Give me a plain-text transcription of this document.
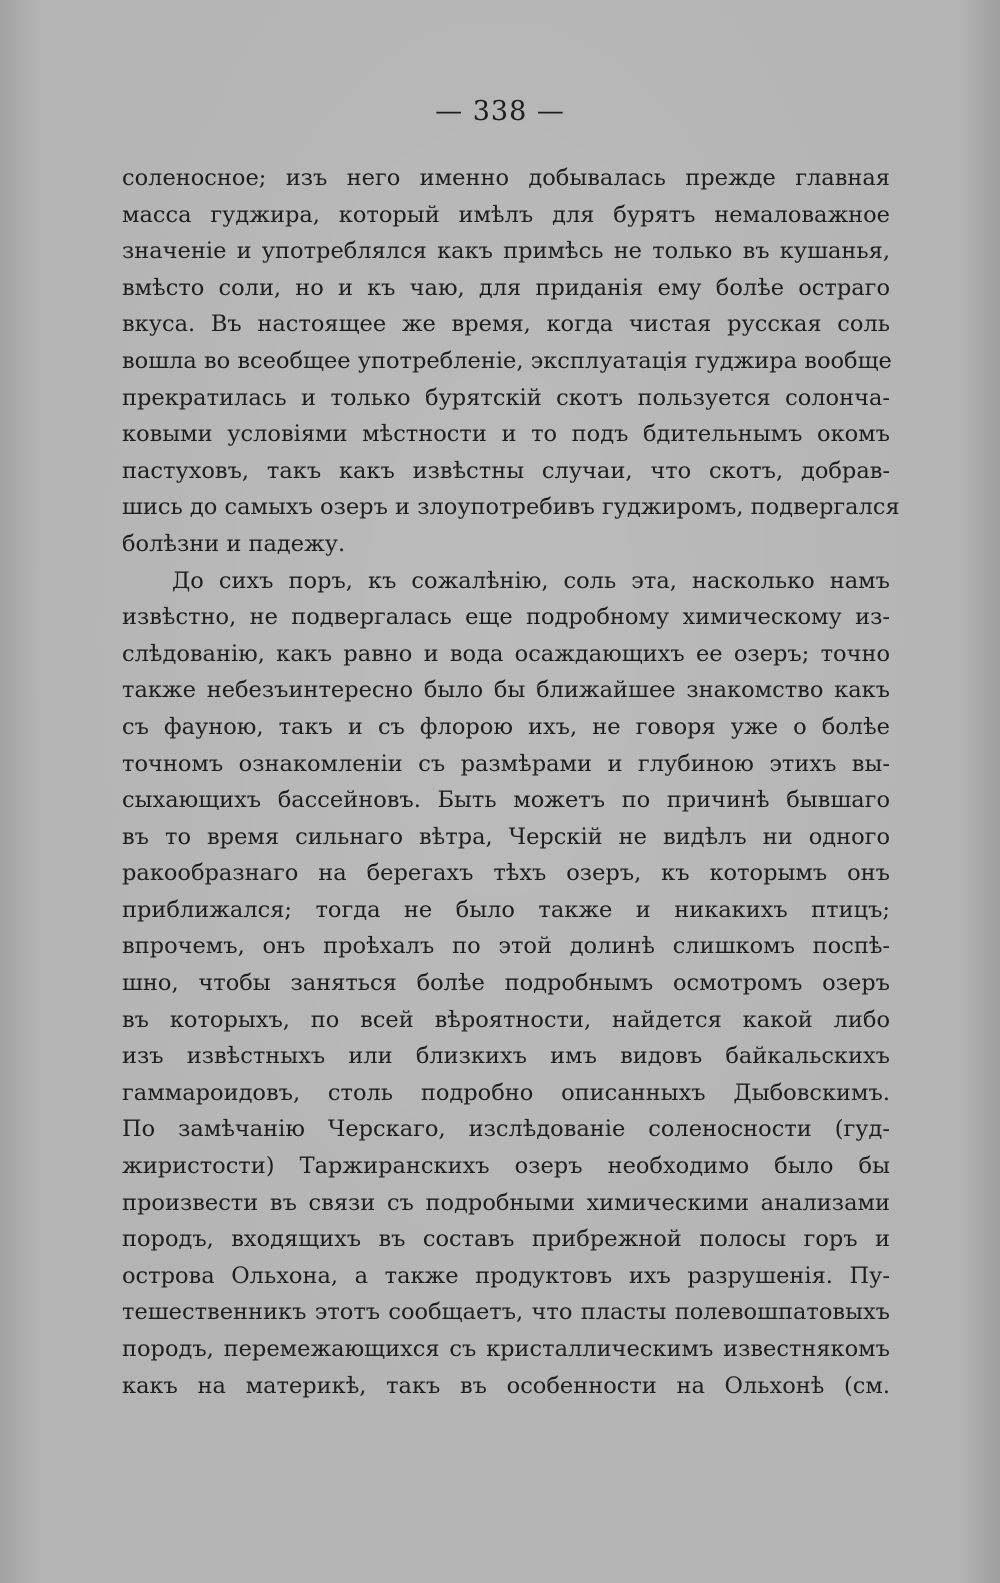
— 338 —
соленосное; изъ него именно добывалась прежде главная
масса гуджира, который имѣлъ для бурятъ немаловажное
значеніе и употреблялся какъ примѣсь не только въ кушанья,
вмѣсто соли, но и къ чаю, для приданія ему болѣе остраго
вкуса. Въ настоящее же время, когда чистая русская соль
вошла во всеобщее употребленіе, эксплуатація гуджира вообще
прекратилась и только бурятскій скотъ пользуется солонча-
ковыми условіями мѣстности и то подъ бдительнымъ окомъ
пастуховъ, такъ какъ извѣстны случаи, что скотъ, добрав-
шись до самыхъ озеръ и злоупотребивъ гуджиромъ, подвергался
болѣзни и падежу.
До сихъ поръ, къ сожалѣнію, соль эта, насколько намъ
извѣстно, не подвергалась еще подробному химическому из-
слѣдованію, какъ равно и вода осаждающихъ ее озеръ; точно
также небезъинтересно было бы ближайшее знакомство какъ
съ фауною, такъ и съ флорою ихъ, не говоря уже о болѣе
точномъ ознакомленіи съ размѣрами и глубиною этихъ вы-
сыхающихъ бассейновъ. Быть можетъ по причинѣ бывшаго
въ то время сильнаго вѣтра, Черскій не видѣлъ ни одного
ракообразнаго на берегахъ тѣхъ озеръ, къ которымъ онъ
приближался; тогда не было также и никакихъ птицъ;
впрочемъ, онъ проѣхалъ по этой долинѣ слишкомъ поспѣ-
шно, чтобы заняться болѣе подробнымъ осмотромъ озеръ
въ которыхъ, по всей вѣроятности, найдется какой либо
изъ извѣстныхъ или близкихъ имъ видовъ байкальскихъ
гаммароидовъ, столь подробно описанныхъ Дыбовскимъ.
По замѣчанію Черскаго, изслѣдованіе соленосности (гуд-
жиристости) Таржиранскихъ озеръ необходимо было бы
произвести въ связи съ подробными химическими анализами
породъ, входящихъ въ составъ прибрежной полосы горъ и
острова Ольхона, а также продуктовъ ихъ разрушенія. Пу-
тешественникъ этотъ сообщаетъ, что пласты полевошпатовыхъ
породъ, перемежающихся съ кристаллическимъ известнякомъ
какъ на материкѣ, такъ въ особенности на Ольхонѣ (см.
